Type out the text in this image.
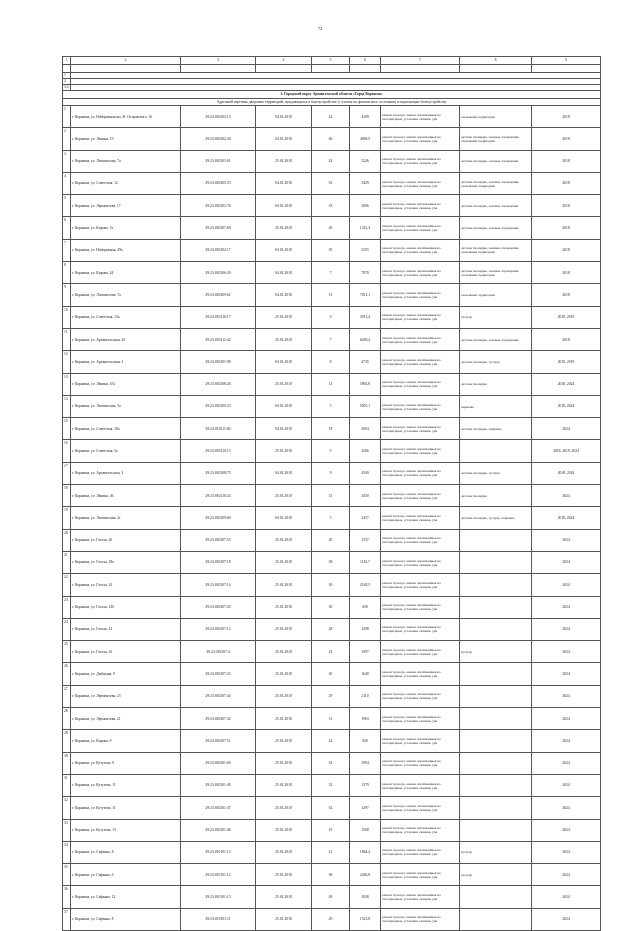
72
1	2	3	4	5	6	7	8	9

1								
2								
3.4								
2. Городской округ Архангельской области «Город Коряжма»								
Адресный перечень дворовых территорий, нуждающихся в благоустройстве (с учетом их физического состояния) и подлежащих благоустройству								
1	г. Коряжма, ул. Набережная им. Н. Островского, 16	29:23:010203:13	04.01.2018	22	4109	ремонт проезда, замена светильников на светодиодные, установка скамеек, урн	озеленение территории	2018
2	г. Коряжма, ул. Ленина, 19	29:23:010202:30	04.01.2018	40	4068.5	ремонт проезда, замена светильников на светодиодные, установка скамеек, урн	детская площадка, зеленые ограждения, озеленение территории	2018
3	г. Коряжма, ул. Ломоносова, 7а	29:23:010201:61	25.01.2018	24	5226	ремонт проезда, замена светильников на светодиодные, установка скамеек, урн	детская площадка, зеленые ограждения	2018
4	г. Коряжма, ул. Советская, 12	29:23:010205:53	04.01.2018	33	5429	ремонт проезда, замена светильников на светодиодные, установка скамеек, урн	детская площадка, зеленые ограждения, озеленение территории	2018
5	г. Коряжма, ул. Лермонтова, 17	29:23:010201:76	04.01.2018	33	2006	ремонт проезда, замена светильников на светодиодные, установка скамеек, урн	детская площадка, зеленые ограждения	2018
6	г. Коряжма, ул. Кирова, 7а	29:23:010207:69	25.01.2018	26	1322,3	ремонт проезда, замена светильников на светодиодные, установка скамеек, урн	детская площадка, зеленые ограждения	2018
7	г. Коряжма, ул. Набережная, 49а	29:23:010202:17	04.01.2018	35	5255	ремонт проезда, замена светильников на светодиодные, установка скамеек, урн	детская площадка, зеленые ограждения, озеленение территории	2018
8	г. Коряжма, ул. Кирова, 24	29:23:010206:29	04.01.2018	7	7870	ремонт проезда, замена светильников на светодиодные, установка скамеек, урн	детская площадка, зеленые ограждения, озеленение территории	2018
9	г. Коряжма, ул. Ломоносова, 7а	29:23:010209:62	04.01.2018	13	7011,1	ремонт проезда, замена светильников на светодиодные, установка скамеек, урн	озеленение территории	2018
10	г. Коряжма, ул. Советская, 13а	29:23:010210:17	25.01.2018	9	3913,4	ремонт проезда, замена светильников на светодиодные, установка скамеек, урн	тротуар	2018, 2019
11	г. Коряжма, ул. Архангельская, 29	29:23:010212:42	25.01.2018	7	6439,2	ремонт проезда, замена светильников на светодиодные, установка скамеек, урн	детская площадка, зеленые ограждения	2018
12	г. Коряжма, ул. Архангельская, 3	29:23:010201:90	04.01.2018	8	4735	ремонт проезда, замена светильников на светодиодные, установка скамеек, урн	детская площадка, тротуар	2018, 2019
13	г. Коряжма, ул. Ленина, 47а	29:23:010208:26	25.01.2018	13	5892,8	ремонт проезда, замена светильников на светодиодные, установка скамеек, урн	детская площадка	2018, 2024
14	г. Коряжма, ул. Ломоносова, 3а	29:23:010209:23	04.01.2018	5	5001,1	ремонт проезда, замена светильников на светодиодные, установка скамеек, урн	парковка	2018, 2024
15	г. Коряжма, ул. Советская, 18а	29:23:010211:60	04.01.2018	18	4504	ремонт проезда, замена светильников на светодиодные, установка скамеек, урн	детская площадка, парковка	2024
16	г. Коряжма, ул. Советская, 5а	29:23:010210:13	25.01.2018	9	3266	ремонт проезда, замена светильников на светодиодные, установка скамеек, урн		2018, 2019, 2024
17	г. Коряжма, ул. Архангельская, 3	29:23:010208:75	04.01.2018	9	4549	ремонт проезда, замена светильников на светодиодные, установка скамеек, урн	детская площадка, тротуар	2018, 2024
18	г. Коряжма, ул. Ленина, 46	29:23:010210:24	25.01.2018	15	3450	ремонт проезда, замена светильников на светодиодные, установка скамеек, урн	детская площадка	2024
19	г. Коряжма, ул. Ломоносова, 2г	29:23:010209:69	04.01.2018	5	2457	ремонт проезда, замена светильников на светодиодные, установка скамеек, урн	детская площадка, тротуар, парковка	2018, 2024
20	г. Коряжма, ул. Гоголя, 20	29:23:010207:53	25.01.2018	30	1537	ремонт проезда, замена светильников на светодиодные, установка скамеек, урн		2024
21	г. Коряжма, ул. Гоголя, 18а	29:23:010207:18	25.01.2018	38	1142,7	ремонт проезда, замена светильников на светодиодные, установка скамеек, урн		2024
22	г. Коряжма, ул. Гоголя, 14	29:23:010207:14	25.01.2018	30	2140,5	ремонт проезда, замена светильников на светодиодные, установка скамеек, урн		2024
23	г. Коряжма, ул. Гоголя, 14б	29:23:010207:20	25.01.2018	30	650	ремонт проезда, замена светильников на светодиодные, установка скамеек, урн		2024
24	г. Коряжма, ул. Гоголя, 12	29:23:010207:12	25.01.2018	28	1298	ремонт проезда, замена светильников на светодиодные, установка скамеек, урн		2024
25	г. Коряжма, ул. Гоголя, 16	29:23:010207:4	25.01.2018	23	1997	ремонт проезда, замена светильников на светодиодные, установка скамеек, урн	тротуар	2024
26	г. Коряжма, ул. Дыбцына, 9	29:23:010207:25	25.01.2018	30	1640	ремонт проезда, замена светильников на светодиодные, установка скамеек, урн		2024
27	г. Коряжма, ул. Лермонтова, 23	29:23:010207:44	25.01.2018	29	2110	ремонт проезда, замена светильников на светодиодные, установка скамеек, урн		2024
28	г. Коряжма, ул. Лермонтова, 21	29:23:010207:32	25.01.2018	31	1963	ремонт проезда, замена светильников на светодиодные, установка скамеек, урн		2024
29	г. Коряжма, ул. Кирова, 9	29:23:010207:51	25.01.2018	22	830	ремонт проезда, замена светильников на светодиодные, установка скамеек, урн		2024
30	г. Коряжма, ул. Кутузова, 9	29:23:010201:69	25.01.2018	32	1994	ремонт проезда, замена светильников на светодиодные, установка скамеек, урн		2024
31	г. Коряжма, ул. Кутузова, 11	29:23:010201:48	25.01.2018	32	1379	ремонт проезда, замена светильников на светодиодные, установка скамеек, урн		2024
32	г. Коряжма, ул. Кутузова, 11	29:23:010201:47	25.01.2018	32	1297	ремонт проезда, замена светильников на светодиодные, установка скамеек, урн		2024
33	г. Коряжма, ул. Кутузова, 13	29:23:010201:46	25.01.2018	19	1568	ремонт проезда, замена светильников на светодиодные, установка скамеек, урн		2024
34	г. Коряжма, ул. Сафьяна, 8	29:23:010101:13	25.01.2018	41	1864,2	ремонт проезда, замена светильников на светодиодные, установка скамеек, урн	тротуар	2024
35	г. Коряжма, ул. Сафьяна, 6	29:23:010101:12	25.01.2018	38	2446,8	ремонт проезда, замена светильников на светодиодные, установка скамеек, урн	тротуар	2024
36	г. Коряжма, ул. Сафьяна, 12	29:23:010101:13	25.01.2018	49	1028	ремонт проезда, замена светильников на светодиодные, установка скамеек, урн		2024
37	г. Коряжма, ул. Сафьяна, 8	29:23:010101:11	25.01.2018	49	1523,8	ремонт проезда, замена светильников на светодиодные, установка скамеек, урн		2024
